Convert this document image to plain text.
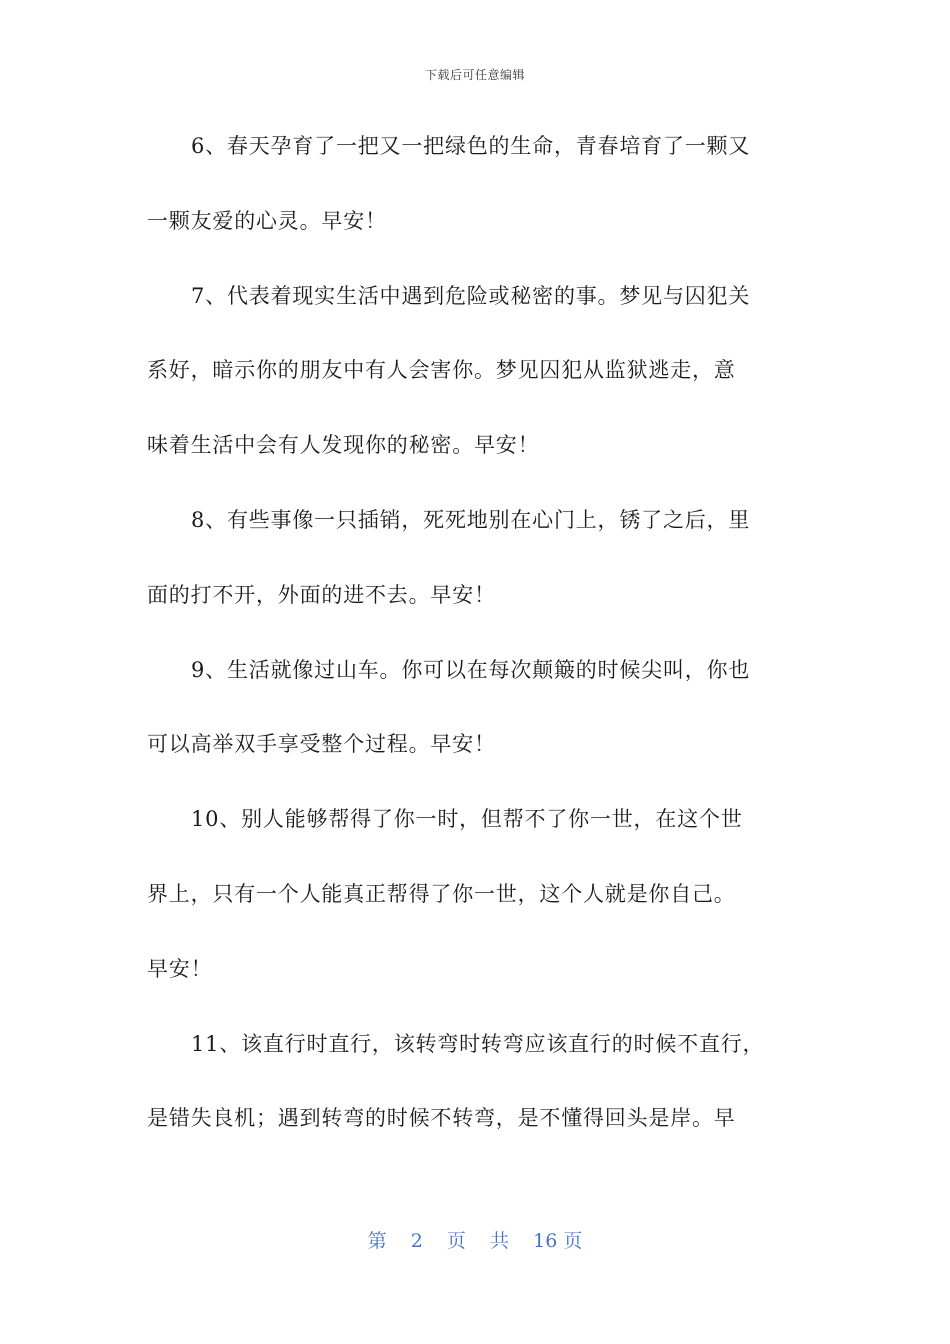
下载后可任意编辑
6、春天孕育了一把又一把绿色的生命，青春培育了一颗又
一颗友爱的心灵。早安！
7、代表着现实生活中遇到危险或秘密的事。梦见与囚犯关
系好，暗示你的朋友中有人会害你。梦见囚犯从监狱逃走，意
味着生活中会有人发现你的秘密。早安！
8、有些事像一只插销，死死地别在心门上，锈了之后，里
面的打不开，外面的进不去。早安！
9、生活就像过山车。你可以在每次颠簸的时候尖叫，你也
可以高举双手享受整个过程。早安！
10、别人能够帮得了你一时，但帮不了你一世，在这个世
界上，只有一个人能真正帮得了你一世，这个人就是你自己。
早安！
11、该直行时直行，该转弯时转弯应该直行的时候不直行，
是错失良机；遇到转弯的时候不转弯，是不懂得回头是岸。早
第 2 页 共 16 页
